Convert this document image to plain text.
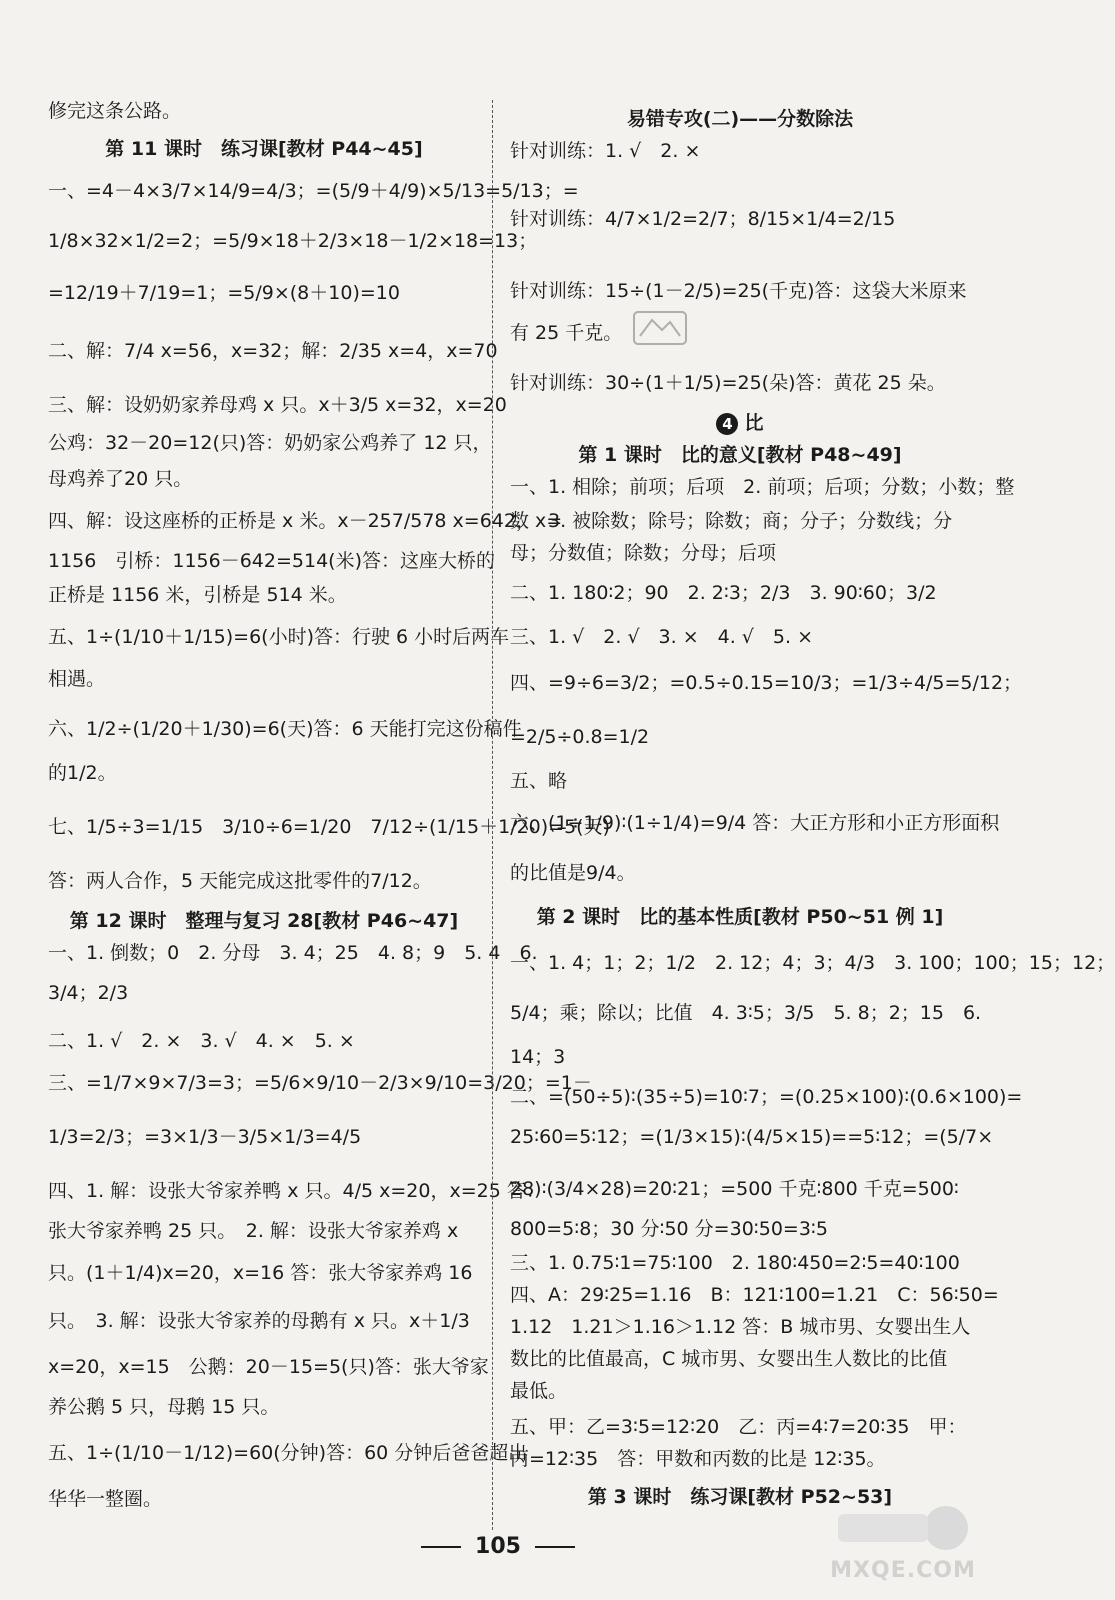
修完这条公路。
第 11 课时　练习课[教材 P44~45]
一、=4－4×3/7×14/9=4/3；=(5/9＋4/9)×5/13=5/13；=
1/8×32×1/2=2；=5/9×18＋2/3×18－1/2×18=13；
=12/19＋7/19=1；=5/9×(8＋10)=10
二、解：7/4 x=56，x=32；解：2/35 x=4，x=70
三、解：设奶奶家养母鸡 x 只。x＋3/5 x=32，x=20
公鸡：32－20=12(只)答：奶奶家公鸡养了 12 只，
母鸡养了20 只。
四、解：设这座桥的正桥是 x 米。x－257/578 x=642，x=
1156　引桥：1156－642=514(米)答：这座大桥的
正桥是 1156 米，引桥是 514 米。
五、1÷(1/10＋1/15)=6(小时)答：行驶 6 小时后两车
相遇。
六、1/2÷(1/20＋1/30)=6(天)答：6 天能打完这份稿件
的1/2。
七、1/5÷3=1/15　3/10÷6=1/20　7/12÷(1/15＋1/20)=5(天)
答：两人合作，5 天能完成这批零件的7/12。
第 12 课时　整理与复习 28[教材 P46~47]
一、1. 倒数；0　2. 分母　3. 4；25　4. 8；9　5. 4　6.
3/4；2/3
二、1. √　2. ×　3. √　4. ×　5. ×
三、=1/7×9×7/3=3；=5/6×9/10－2/3×9/10=3/20；=1－
1/3=2/3；=3×1/3－3/5×1/3=4/5
四、1. 解：设张大爷家养鸭 x 只。4/5 x=20，x=25 答：
张大爷家养鸭 25 只。　2. 解：设张大爷家养鸡 x
只。(1＋1/4)x=20，x=16 答：张大爷家养鸡 16
只。　3. 解：设张大爷家养的母鹅有 x 只。x＋1/3
x=20，x=15　公鹅：20－15=5(只)答：张大爷家
养公鹅 5 只，母鹅 15 只。
五、1÷(1/10－1/12)=60(分钟)答：60 分钟后爸爸超出
华华一整圈。
易错专攻(二)——分数除法
针对训练：1. √　2. ×
针对训练：4/7×1/2=2/7；8/15×1/4=2/15
针对训练：15÷(1－2/5)=25(千克)答：这袋大米原来
有 25 千克。
针对训练：30÷(1＋1/5)=25(朵)答：黄花 25 朵。
4 比
第 1 课时　比的意义[教材 P48~49]
一、1. 相除；前项；后项　2. 前项；后项；分数；小数；整
数　3. 被除数；除号；除数；商；分子；分数线；分
母；分数值；除数；分母；后项
二、1. 180∶2；90　2. 2∶3；2/3　3. 90∶60；3/2
三、1. √　2. √　3. ×　4. √　5. ×
四、=9÷6=3/2；=0.5÷0.15=10/3；=1/3÷4/5=5/12；
=2/5÷0.8=1/2
五、略
六、(1÷1/9)∶(1÷1/4)=9/4 答：大正方形和小正方形面积
的比值是9/4。
第 2 课时　比的基本性质[教材 P50~51 例 1]
一、1. 4；1；2；1/2　2. 12；4；3；4/3　3. 100；100；15；12；
5/4；乘；除以；比值　4. 3∶5；3/5　5. 8；2；15　6.
14；3
二、=(50÷5)∶(35÷5)=10∶7；=(0.25×100)∶(0.6×100)=
25∶60=5∶12；=(1/3×15)∶(4/5×15)==5∶12；=(5/7×
28)∶(3/4×28)=20∶21；=500 千克∶800 千克=500∶
800=5∶8；30 分∶50 分=30∶50=3∶5
三、1. 0.75∶1=75∶100　2. 180∶450=2∶5=40∶100
四、A：29∶25=1.16　B：121∶100=1.21　C：56∶50=
1.12　1.21＞1.16＞1.12 答：B 城市男、女婴出生人
数比的比值最高，C 城市男、女婴出生人数比的比值
最低。
五、甲：乙=3∶5=12∶20　乙：丙=4∶7=20∶35　甲：
丙=12∶35　答：甲数和丙数的比是 12∶35。
第 3 课时　练习课[教材 P52~53]
105
MXQE.COM
